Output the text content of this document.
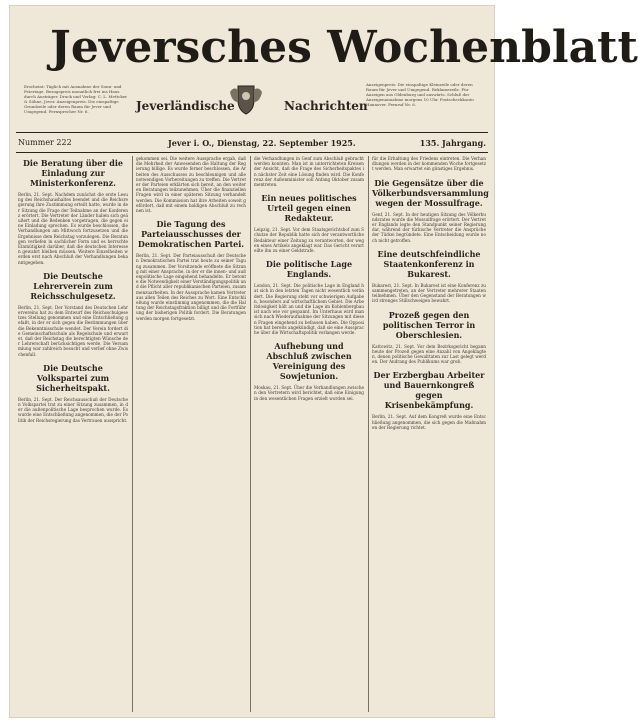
Jeversches Wochenblatt
Erscheint: Täglich mit Ausnahme der Sonn- und Feiertage. Bezugspreis monatlich frei ins Haus durch Austräger. Druck und Verlag: C. L. Mettcker & Söhne, Jever. Anzeigenpreis: Die einspaltige Grundzeile oder deren Raum für Jever und Umgegend. Fernsprecher Nr. 6.	Jeverländische	Nachrichten
Anzeigenpreis: Die einspaltige Kleinzeile oder deren Raum für Jever und Umgegend. Reklamezeile. Für Anzeigen aus Oldenburg und auswärts. Schluß der Anzeigenannahme morgens 10 Uhr. Postscheckkonto Hannover. Fernruf Nr. 6.
Nummer 222	Jever i. O., Dienstag, 22. September 1925.	135. Jahrgang.
Die Beratung über die Einladung zur Ministerkonferenz.
Berlin, 21. Sept. Nachdem zunächst die erste Lesung des Reichshaushaltes beendet und die Reichsregierung ihre Zustimmung erteilt hatte, wurde in der Sitzung die Frage der Teilnahme an der Konferenz erörtert. Die Vertreter der Länder haben sich geäußert und die Bedenken vorgetragen, die gegen eine Einladung sprechen. Es wurde beschlossen, die Verhandlungen am Mittwoch fortzusetzen und die Ergebnisse dem Reichstag vorzulegen. Die Beratungen verliefen in sachlicher Form und es herrschte Einmütigkeit darüber, daß die deutschen Interessen gewahrt bleiben müssen. Weitere Einzelheiten werden erst nach Abschluß der Verhandlungen bekanntgegeben.
Die Deutsche Lehrerverein zum Reichsschulgesetz.
Berlin, 21. Sept. Der Vorstand des Deutschen Lehrervereins hat zu dem Entwurf des Reichsschulgesetzes Stellung genommen und eine Entschließung gefaßt, in der er sich gegen die Bestimmungen über die Bekenntnisschule wendet. Der Verein fordert die Gemeinschaftsschule als Regelschule und erwartet, daß der Reichstag die berechtigten Wünsche der Lehrerschaft berücksichtigen werde. Die Versammlung war zahlreich besucht und verlief ohne Zwischenfall.
Die Deutsche Volkspartei zum Sicherheitspakt.
Berlin, 21. Sept. Der Reichsausschuß der Deutschen Volkspartei trat zu einer Sitzung zusammen, in der die außenpolitische Lage besprochen wurde. Es wurde eine Entschließung angenommen, die der Politik der Reichsregierung das Vertrauen ausspricht.
gekommen sei. Die weitere Aussprache ergab, daß die Mehrheit der Anwesenden die Haltung der Regierung billige. Es wurde ferner beschlossen, die Arbeiten des Ausschusses zu beschleunigen und alle notwendigen Vorbereitungen zu treffen. Die Vertreter der Parteien erklärten sich bereit, an den weiteren Beratungen teilzunehmen. Über die finanziellen Fragen wird in einer späteren Sitzung verhandelt werden. Die Kommission hat ihre Arbeiten soweit gefördert, daß mit einem baldigen Abschluß zu rechnen ist.
Die Tagung des Parteiausschusses der Demokratischen Partei.
Berlin, 21. Sept. Der Parteiausschuß der Deutschen Demokratischen Partei trat heute zu seiner Tagung zusammen. Der Vorsitzende eröffnete die Sitzung mit einer Ansprache, in der er die innen- und außenpolitische Lage eingehend behandelte. Er betonte die Notwendigkeit einer Verständigungspolitik und die Pflicht aller republikanischen Parteien, zusammenzuarbeiten. In der Aussprache kamen Vertreter aus allen Teilen des Reiches zu Wort. Eine Entschließung wurde einstimmig angenommen, die die Haltung der Reichstagsfraktion billigt und die Fortführung der bisherigen Politik fordert. Die Beratungen werden morgen fortgesetzt.
die Verhandlungen in Genf zum Abschluß gebracht werden konnten. Man ist in unterrichteten Kreisen der Ansicht, daß die Frage des Sicherheitspaktes in nächster Zeit eine Lösung finden wird. Die Konferenz der Außenminister soll Anfang Oktober zusammentreten.
Ein neues politisches Urteil gegen einen Redakteur.
Leipzig, 21. Sept. Vor dem Staatsgerichtshof zum Schutze der Republik hatte sich der verantwortliche Redakteur einer Zeitung zu verantworten, der wegen eines Artikels angeklagt war. Das Gericht verurteilte ihn zu einer Geldstrafe.
Die politische Lage Englands.
London, 21. Sept. Die politische Lage in England hat sich in den letzten Tagen nicht wesentlich verändert. Die Regierung steht vor schwierigen Aufgaben, besonders auf wirtschaftlichem Gebiet. Die Arbeitslosigkeit hält an und die Lage im Kohlenbergbau ist nach wie vor gespannt. Im Unterhaus wird man sich nach Wiederaufnahme der Sitzungen mit diesen Fragen eingehend zu befassen haben. Die Opposition hat bereits angekündigt, daß sie eine Aussprache über die Wirtschaftspolitik verlangen werde.
Aufhebung und Abschluß zwischen Vereinigung des Sowjetunion.
Moskau, 21. Sept. Über die Verhandlungen zwischen den Vertretern wird berichtet, daß eine Einigung in den wesentlichen Fragen erzielt worden sei.
für die Erhaltung des Friedens eintreten. Die Verhandlungen werden in der kommenden Woche fortgesetzt werden. Man erwartet ein günstiges Ergebnis.
Die Gegensätze über die Völkerbundsversammlung wegen der Mossulfrage.
Genf, 21. Sept. In der heutigen Sitzung des Völkerbundsrates wurde die Mossulfrage erörtert. Der Vertreter Englands legte den Standpunkt seiner Regierung dar, während der türkische Vertreter die Ansprüche der Türkei begründete. Eine Entscheidung wurde noch nicht getroffen.
Eine deutschfeindliche Staatenkonferenz in Bukarest.
Bukarest, 21. Sept. In Bukarest ist eine Konferenz zusammengetreten, an der Vertreter mehrerer Staaten teilnehmen. Über den Gegenstand der Beratungen wird strenges Stillschweigen bewahrt.
Prozeß gegen den politischen Terror in Oberschlesien.
Kattowitz, 21. Sept. Vor dem Bezirksgericht begann heute der Prozeß gegen eine Anzahl von Angeklagten, denen politische Gewalttaten zur Last gelegt werden. Der Andrang des Publikums war groß.
Der Erzbergbau Arbeiter und Bauernkongreß gegen Krisenbekämpfung.
Berlin, 21. Sept. Auf dem Kongreß wurde eine Entschließung angenommen, die sich gegen die Maßnahmen der Regierung richtet.
